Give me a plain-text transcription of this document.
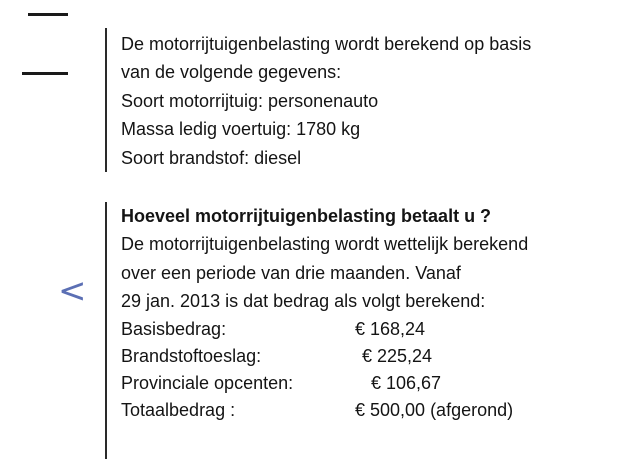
<
De motorrijtuigenbelasting wordt berekend op basis
van de volgende gegevens:
Soort motorrijtuig: personenauto
Massa ledig voertuig: 1780 kg
Soort brandstof: diesel
Hoeveel motorrijtuigenbelasting betaalt u ?
De motorrijtuigenbelasting wordt wettelijk berekend
over een periode van drie maanden. Vanaf
29 jan. 2013 is dat bedrag als volgt berekend:
Basisbedrag:	€ 168,24
Brandstoftoeslag:	€ 225,24
Provinciale opcenten:	€ 106,67
Totaalbedrag :	€ 500,00 (afgerond)
